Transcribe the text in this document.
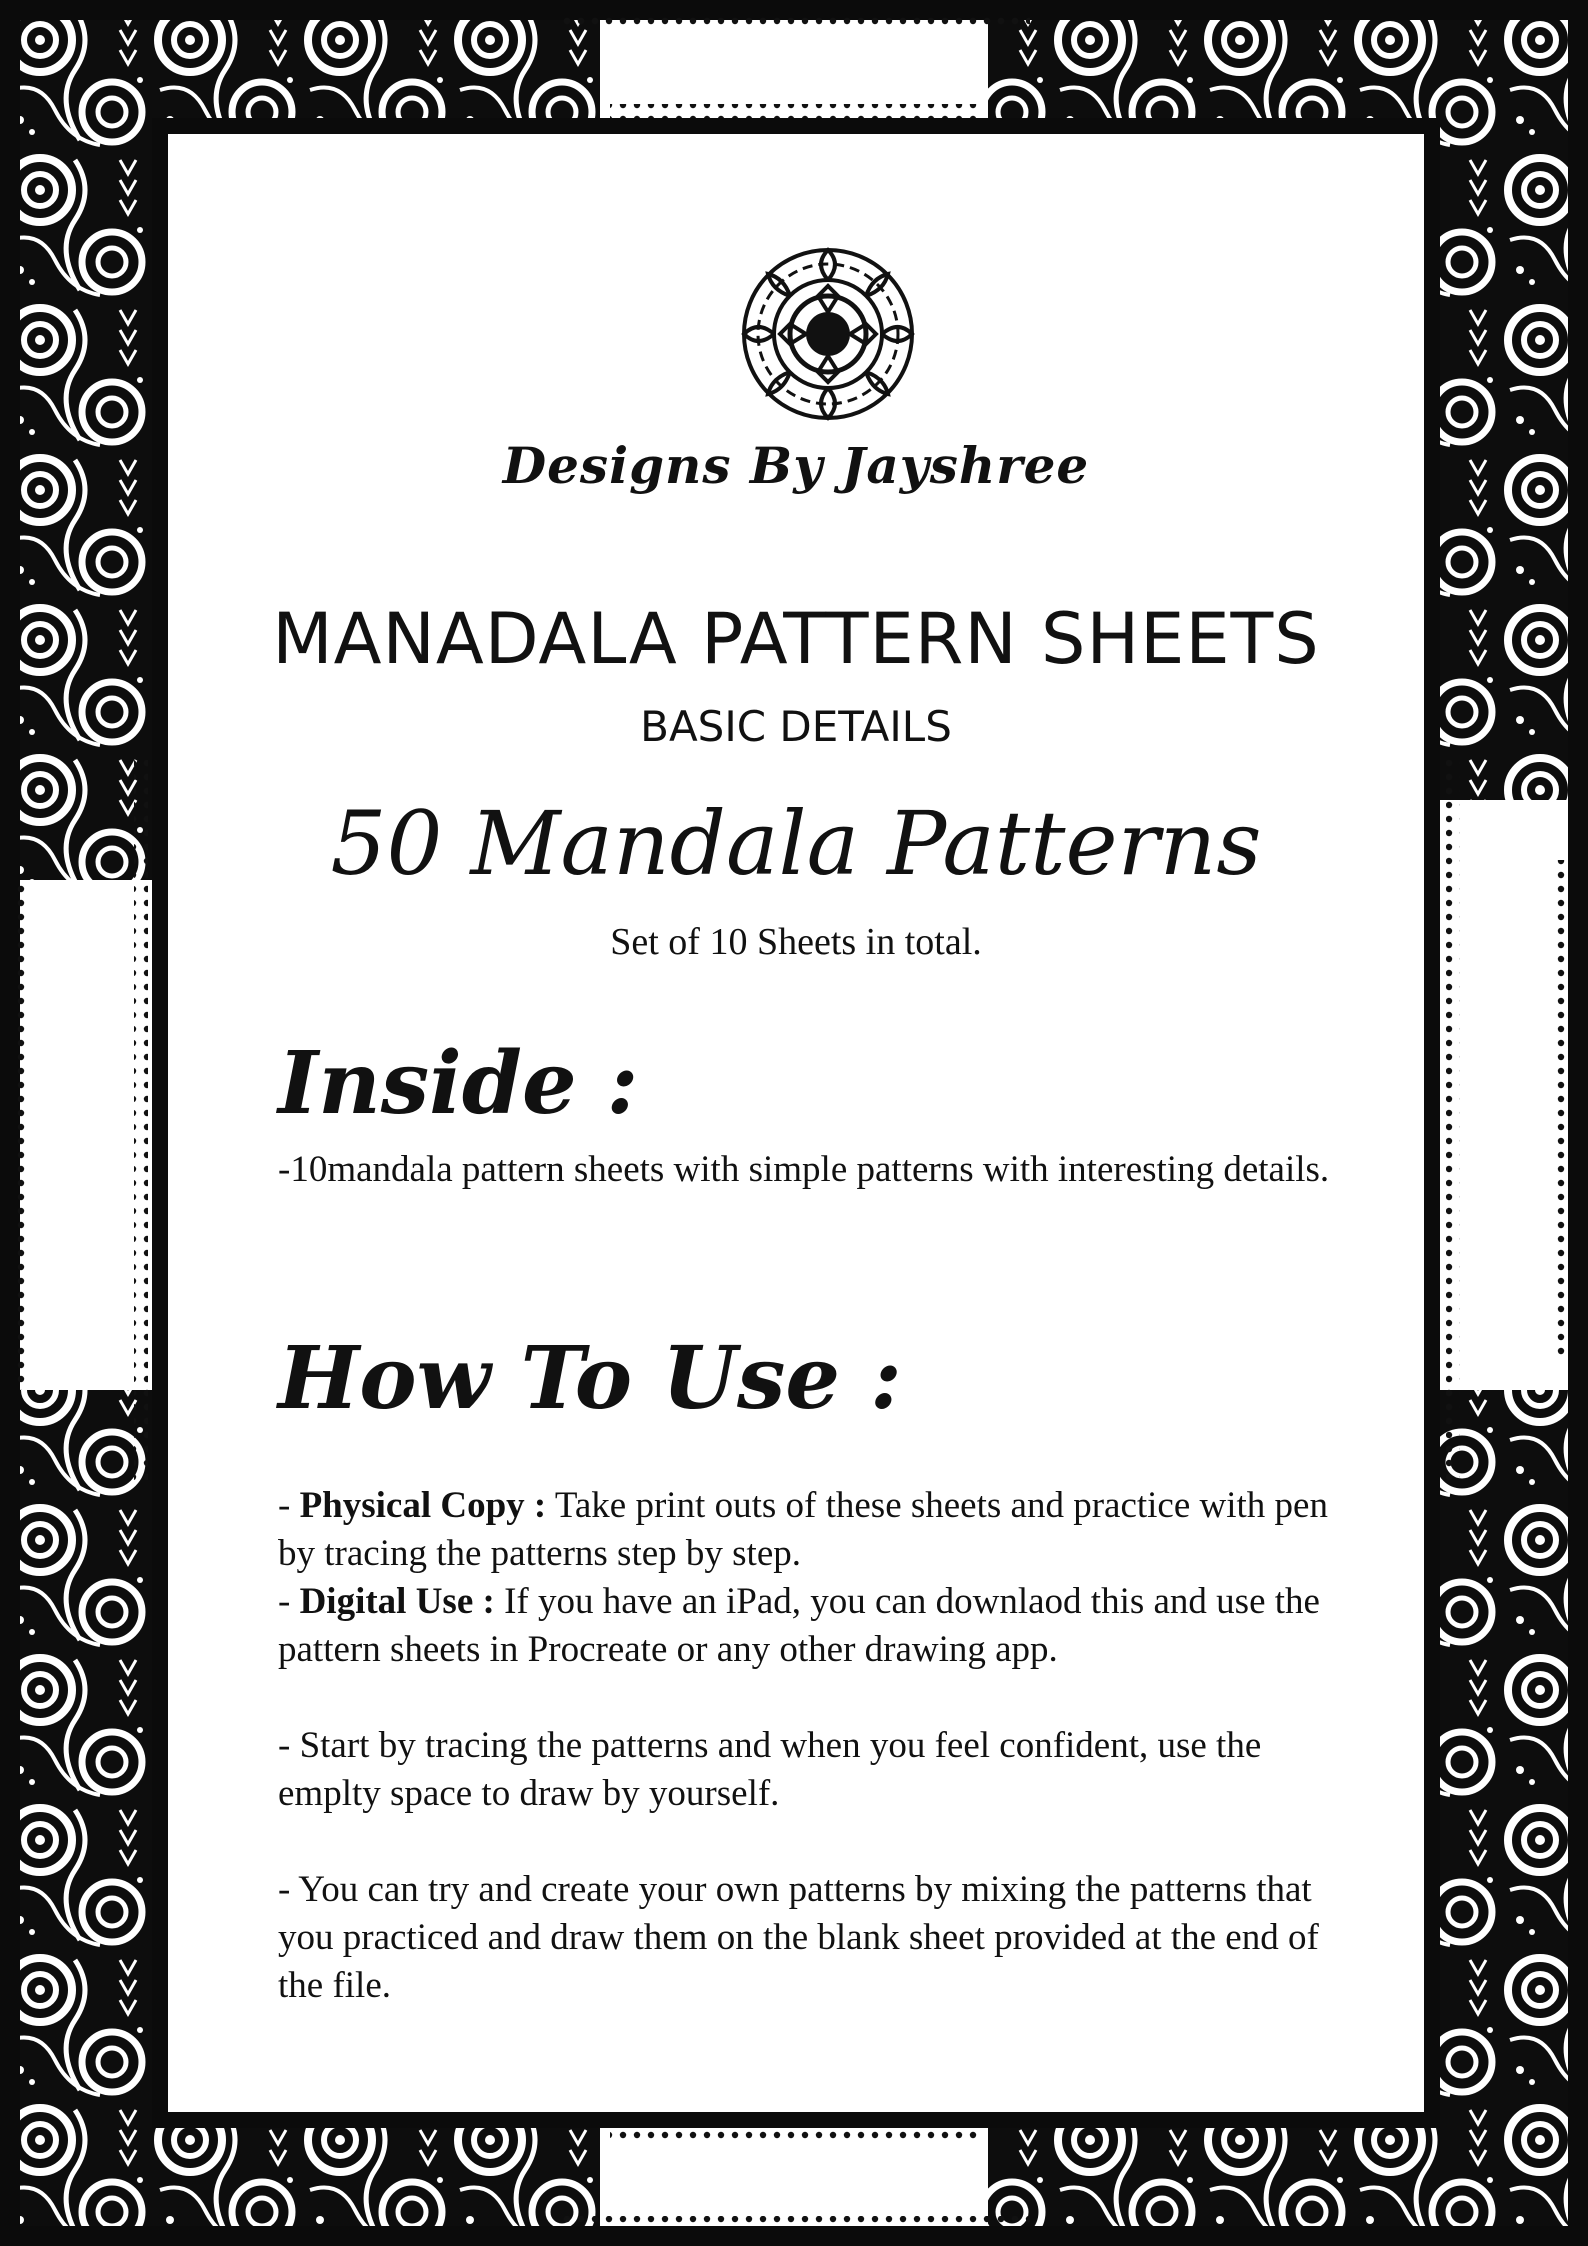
Designs By Jayshree
MANADALA PATTERN SHEETS
BASIC DETAILS
50 Mandala Patterns
Set of 10 Sheets in total.
Inside :

-10mandala pattern sheets with simple patterns with interesting details.

How To Use :

- Physical Copy : Take print outs of these sheets and practice with pen by tracing the patterns step by step.

- Digital Use : If you have an iPad, you can downlaod this and use the pattern sheets in Procreate or any other drawing app.

- Start by tracing the patterns and when you feel confident, use the emplty space to draw by yourself.

- You can try and create your own patterns by mixing the patterns that you practiced and draw them on the blank sheet provided at the end of the file.
